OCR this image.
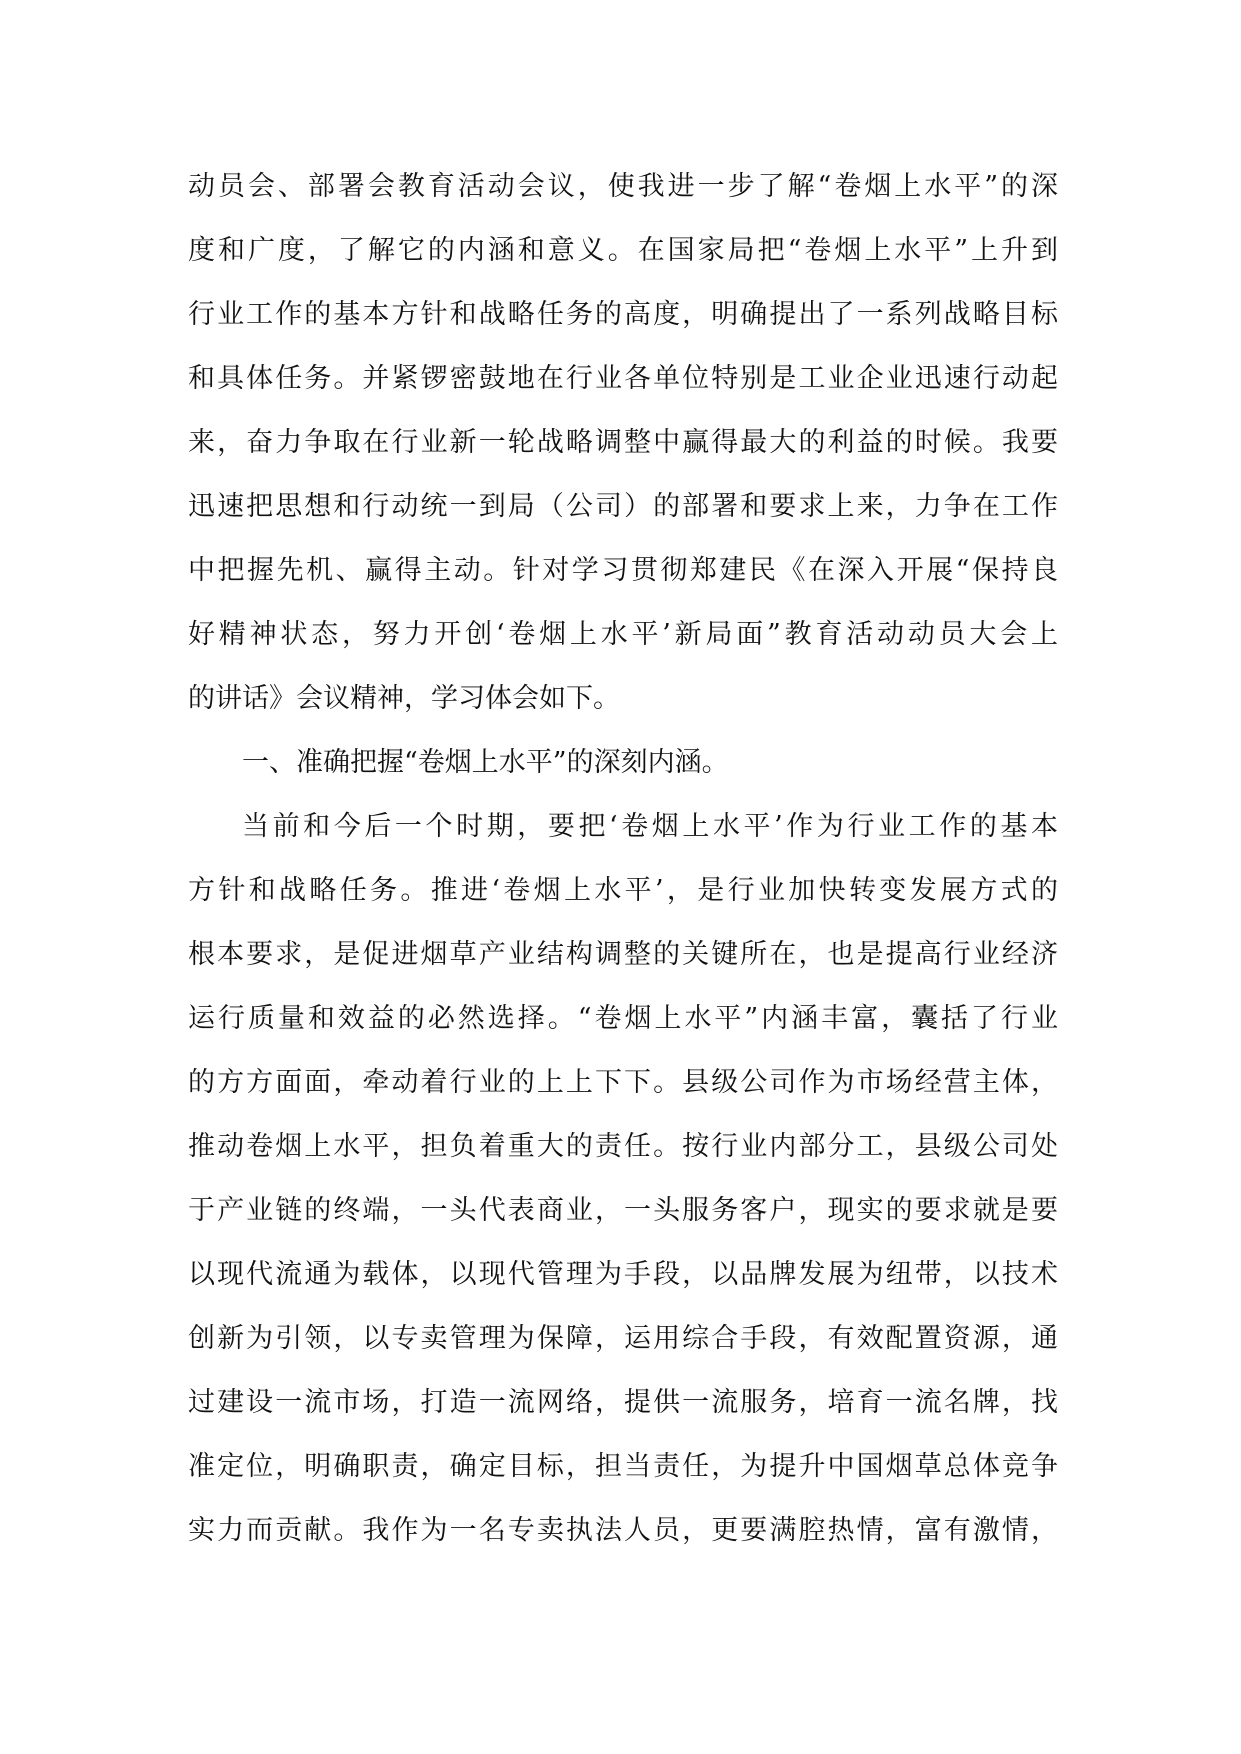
动员会、部署会教育活动会议，使我进一步了解“卷烟上水平”的深
度和广度，了解它的内涵和意义。在国家局把“卷烟上水平”上升到
行业工作的基本方针和战略任务的高度，明确提出了一系列战略目标
和具体任务。并紧锣密鼓地在行业各单位特别是工业企业迅速行动起
来，奋力争取在行业新一轮战略调整中赢得最大的利益的时候。我要
迅速把思想和行动统一到局（公司）的部署和要求上来，力争在工作
中把握先机、赢得主动。针对学习贯彻郑建民《在深入开展“保持良
好精神状态，努力开创‘卷烟上水平’新局面”教育活动动员大会上
的讲话》会议精神，学习体会如下。
一、准确把握“卷烟上水平”的深刻内涵。
当前和今后一个时期，要把‘卷烟上水平’作为行业工作的基本
方针和战略任务。推进‘卷烟上水平’，是行业加快转变发展方式的
根本要求，是促进烟草产业结构调整的关键所在，也是提高行业经济
运行质量和效益的必然选择。“卷烟上水平”内涵丰富，囊括了行业
的方方面面，牵动着行业的上上下下。县级公司作为市场经营主体，
推动卷烟上水平，担负着重大的责任。按行业内部分工，县级公司处
于产业链的终端，一头代表商业，一头服务客户，现实的要求就是要
以现代流通为载体，以现代管理为手段，以品牌发展为纽带，以技术
创新为引领，以专卖管理为保障，运用综合手段，有效配置资源，通
过建设一流市场，打造一流网络，提供一流服务，培育一流名牌，找
准定位，明确职责，确定目标，担当责任，为提升中国烟草总体竞争
实力而贡献。我作为一名专卖执法人员，更要满腔热情，富有激情，
